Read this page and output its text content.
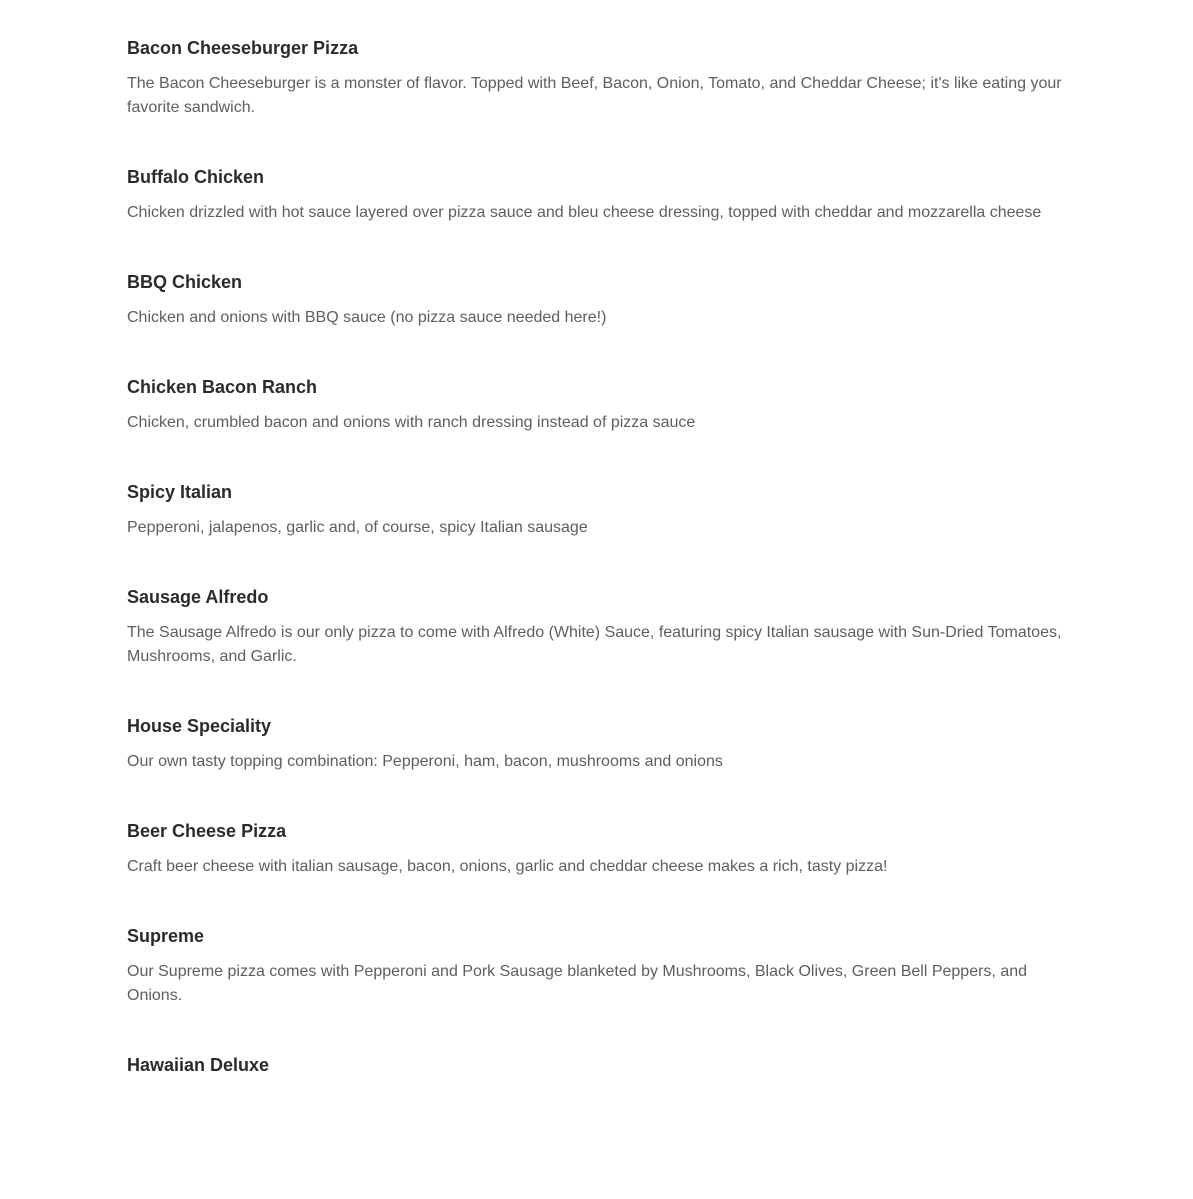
Bacon Cheeseburger Pizza

The Bacon Cheeseburger is a monster of flavor. Topped with Beef, Bacon, Onion, Tomato, and Cheddar Cheese; it's like eating your favorite sandwich.

Buffalo Chicken

Chicken drizzled with hot sauce layered over pizza sauce and bleu cheese dressing, topped with cheddar and mozzarella cheese

BBQ Chicken

Chicken and onions with BBQ sauce (no pizza sauce needed here!)

Chicken Bacon Ranch

Chicken, crumbled bacon and onions with ranch dressing instead of pizza sauce

Spicy Italian

Pepperoni, jalapenos, garlic and, of course, spicy Italian sausage

Sausage Alfredo

The Sausage Alfredo is our only pizza to come with Alfredo (White) Sauce, featuring spicy Italian sausage with Sun-Dried Tomatoes, Mushrooms, and Garlic.

House Speciality

Our own tasty topping combination: Pepperoni, ham, bacon, mushrooms and onions

Beer Cheese Pizza

Craft beer cheese with italian sausage, bacon, onions, garlic and cheddar cheese makes a rich, tasty pizza!

Supreme

Our Supreme pizza comes with Pepperoni and Pork Sausage blanketed by Mushrooms, Black Olives, Green Bell Peppers, and Onions.

Hawaiian Deluxe
